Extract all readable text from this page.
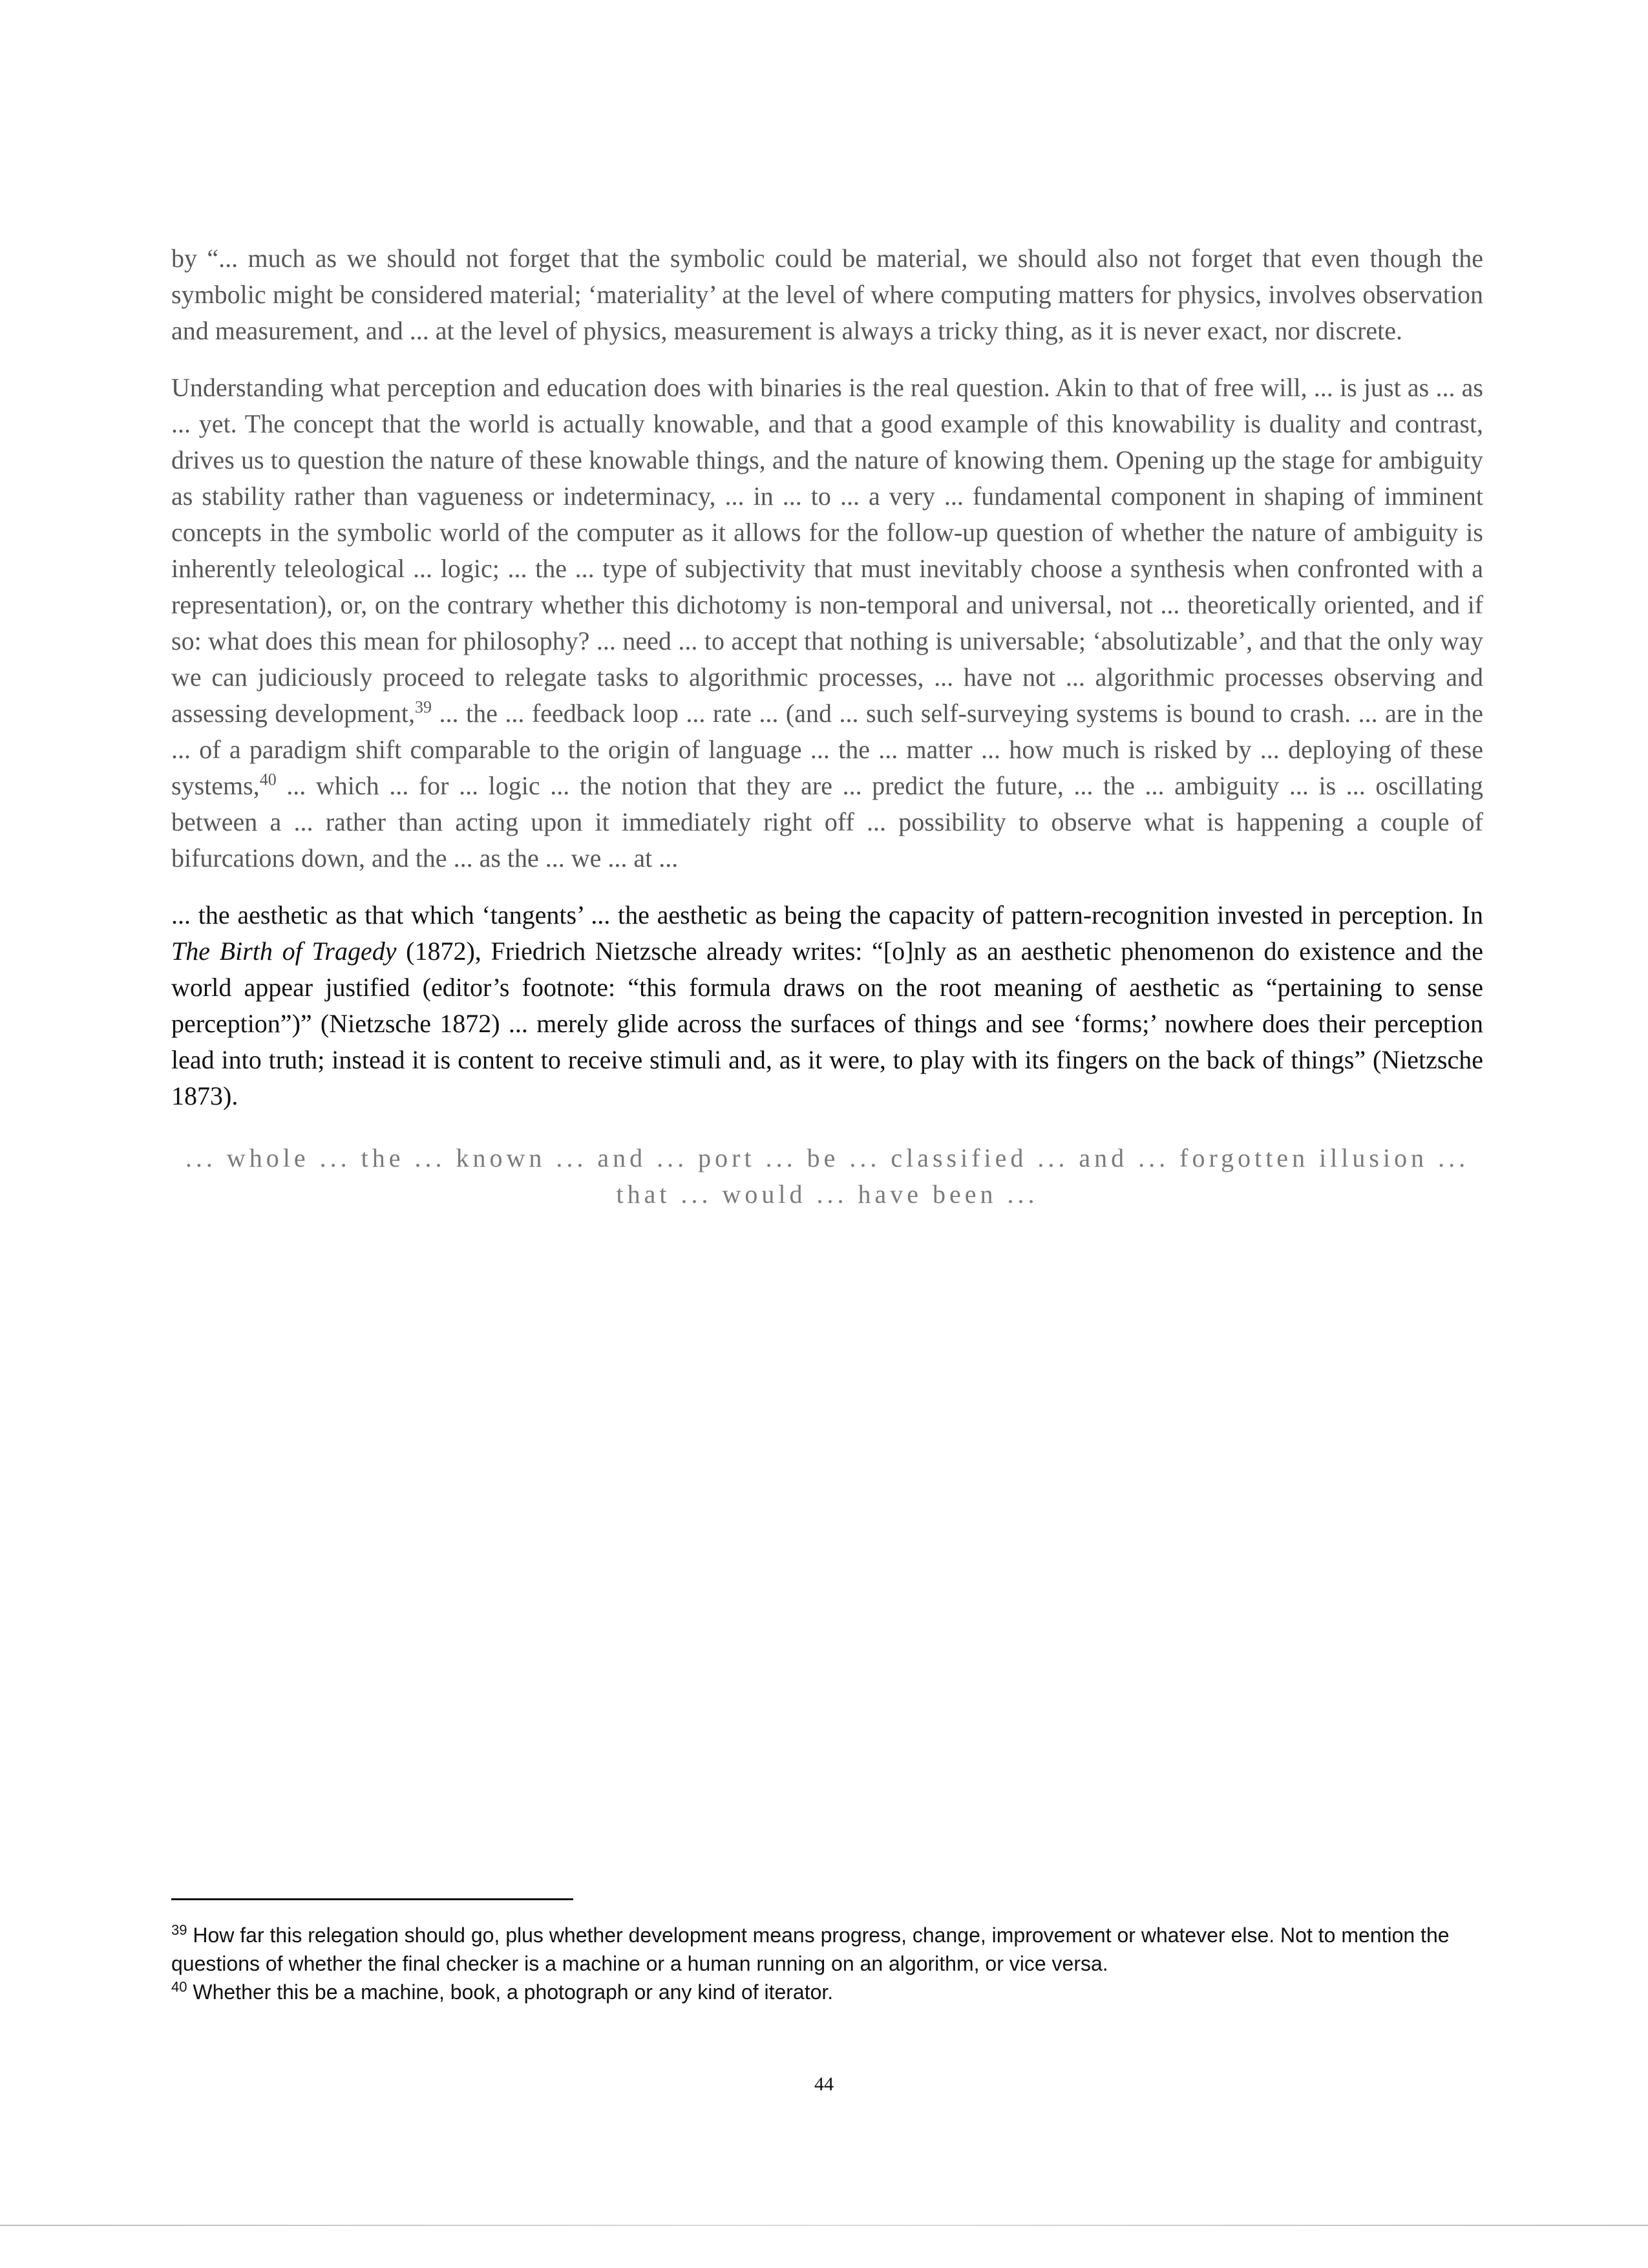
by “... much as we should not forget that the symbolic could be material, we should also not forget that even though the symbolic might be considered material; ‘materiality’ at the level of where computing matters for physics, involves observation and measurement, and ... at the level of physics, measurement is always a tricky thing, as it is never exact, nor discrete.

Understanding what perception and education does with binaries is the real question. Akin to that of free will, ... is just as ... as ... yet. The concept that the world is actually knowable, and that a good example of this knowability is duality and contrast, drives us to question the nature of these knowable things, and the nature of knowing them. Opening up the stage for ambiguity as stability rather than vagueness or indeterminacy, ... in ... to ... a very ... fundamental component in shaping of imminent concepts in the symbolic world of the computer as it allows for the follow-up question of whether the nature of ambiguity is inherently teleological ... logic; ... the ... type of subjectivity that must inevitably choose a synthesis when confronted with a representation), or, on the contrary whether this dichotomy is non-temporal and universal, not ... theoretically oriented, and if so: what does this mean for philosophy? ... need ... to accept that nothing is universable; ‘absolutizable’, and that the only way we can judiciously proceed to relegate tasks to algorithmic processes, ... have not ... algorithmic processes observing and assessing development,$^{39}$ ... the ... feedback loop ... rate ... (and ... such self-surveying systems is bound to crash. ... are in the ... of a paradigm shift comparable to the origin of language ... the ... matter ... how much is risked by ... deploying of these systems,$^{40}$ ... which ... for ... logic ... the notion that they are ... predict the future, ... the ... ambiguity ... is ... oscillating between a ... rather than acting upon it immediately right off ... possibility to observe what is happening a couple of bifurcations down, and the ... as the ... we ... at ...

... the aesthetic as that which ‘tangents’ ... the aesthetic as being the capacity of pattern-recognition invested in perception. In The Birth of Tragedy (1872), Friedrich Nietzsche already writes: “[o]nly as an aesthetic phenomenon do existence and the world appear justified (editor’s footnote: “this formula draws on the root meaning of aesthetic as “pertaining to sense perception”)” (Nietzsche 1872) ... merely glide across the surfaces of things and see ‘forms;’ nowhere does their perception lead into truth; instead it is content to receive stimuli and, as it were, to play with its fingers on the back of things” (Nietzsche 1873).

... whole ... the ... known ... and ... port ... be ... classified ... and ... forgotten illusion ... that ... would ... have been ...

$^{39}$ How far this relegation should go, plus whether development means progress, change, improvement or whatever else. Not to mention the questions of whether the final checker is a machine or a human running on an algorithm, or vice versa.

$^{40}$ Whether this be a machine, book, a photograph or any kind of iterator.

44
